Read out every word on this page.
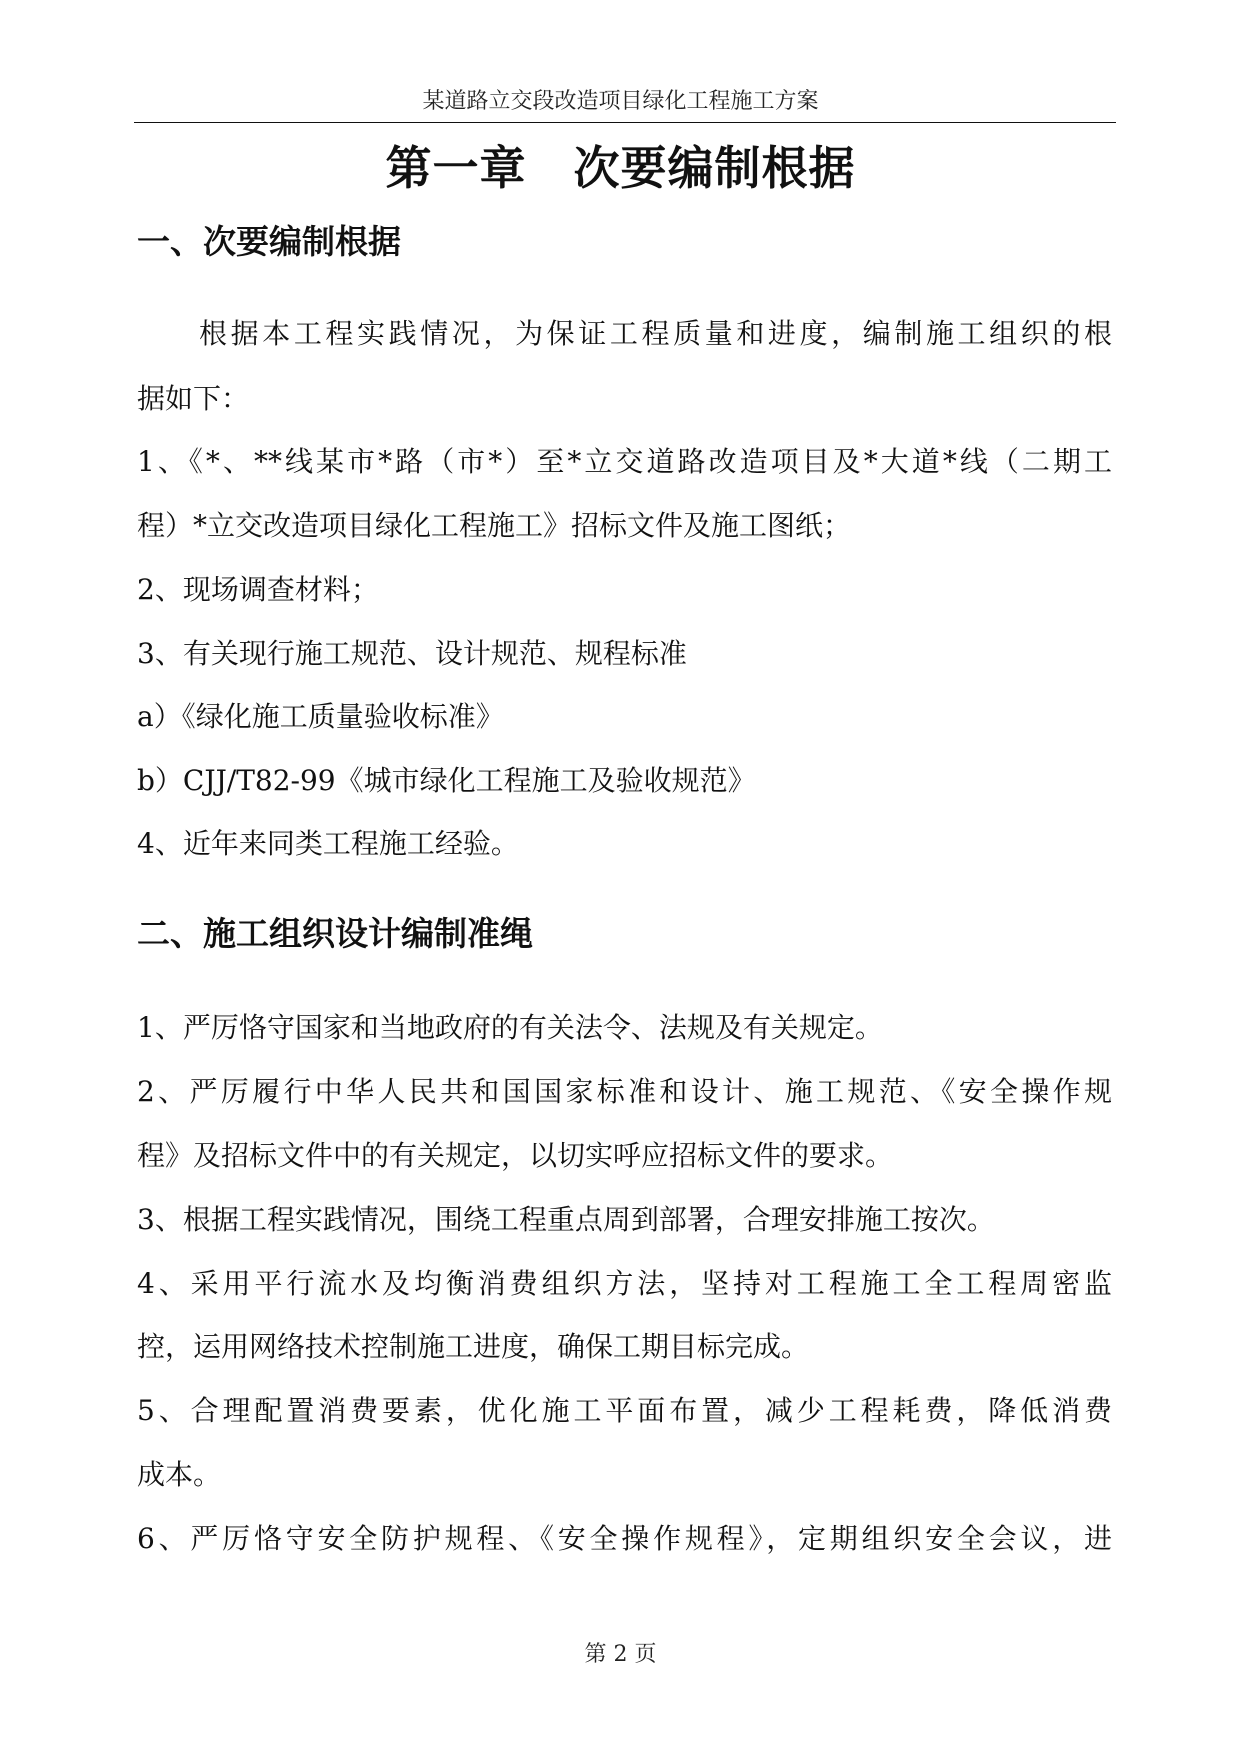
某道路立交段改造项目绿化工程施工方案
第一章　次要编制根据
一、次要编制根据
根据本工程实践情况，为保证工程质量和进度，编制施工组织的根
据如下：
1、《*、**线某市*路（市*）至*立交道路改造项目及*大道*线（二期工
程）*立交改造项目绿化工程施工》招标文件及施工图纸；
2、现场调查材料；
3、有关现行施工规范、设计规范、规程标准
a）《绿化施工质量验收标准》
b）CJJ/T82-99《城市绿化工程施工及验收规范》
4、近年来同类工程施工经验。
二、施工组织设计编制准绳
1、严厉恪守国家和当地政府的有关法令、法规及有关规定。
2、严厉履行中华人民共和国国家标准和设计、施工规范、《安全操作规
程》及招标文件中的有关规定，以切实呼应招标文件的要求。
3、根据工程实践情况，围绕工程重点周到部署，合理安排施工按次。
4、采用平行流水及均衡消费组织方法，坚持对工程施工全工程周密监
控，运用网络技术控制施工进度，确保工期目标完成。
5、合理配置消费要素，优化施工平面布置，减少工程耗费，降低消费
成本。
6、严厉恪守安全防护规程、《安全操作规程》，定期组织安全会议，进
第 2 页
